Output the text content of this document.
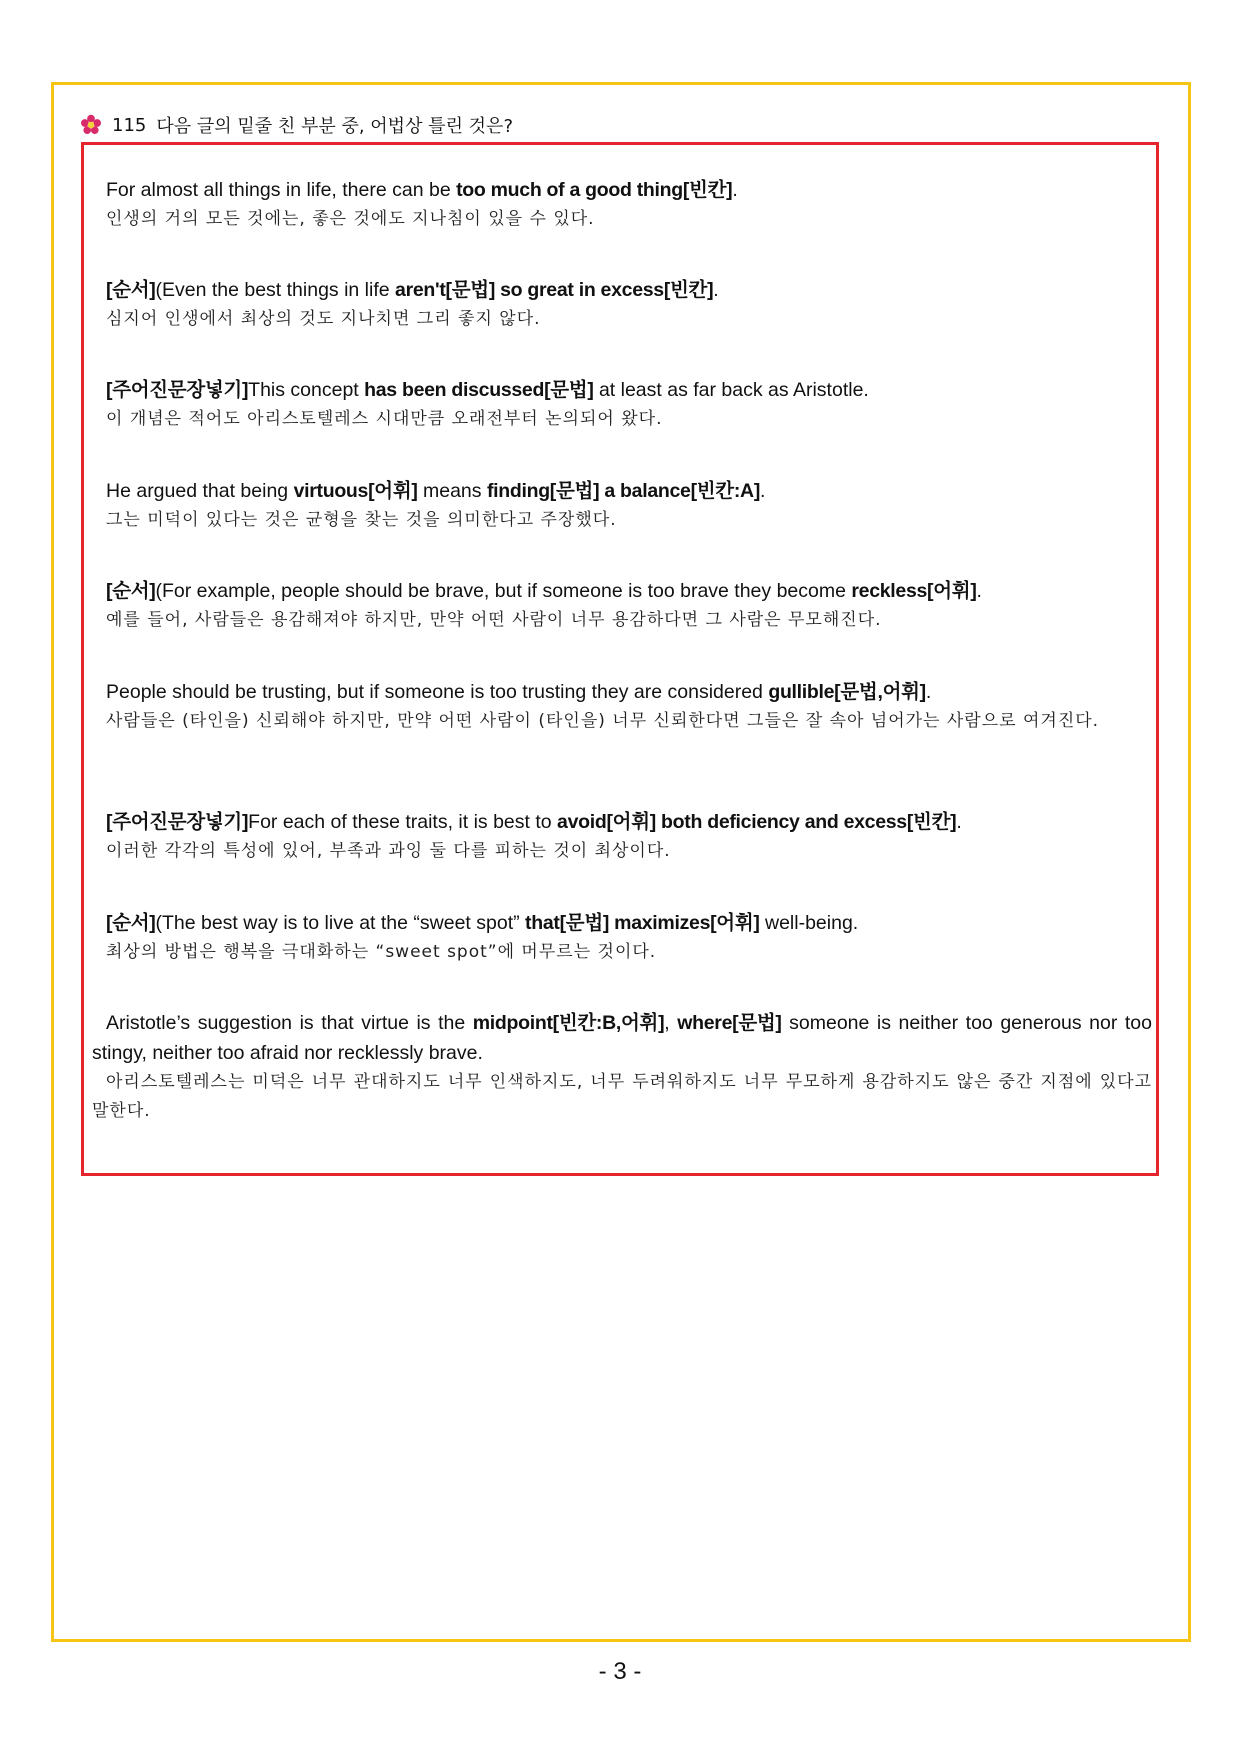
115 다음 글의 밑줄 친 부분 중, 어법상 틀린 것은?
For almost all things in life, there can be too much of a good thing[빈칸].
인생의 거의 모든 것에는, 좋은 것에도 지나침이 있을 수 있다.
[순서](Even the best things in life aren't[문법] so great in excess[빈칸].
심지어 인생에서 최상의 것도 지나치면 그리 좋지 않다.
[주어진문장넣기]This concept has been discussed[문법] at least as far back as Aristotle.
이 개념은 적어도 아리스토텔레스 시대만큼 오래전부터 논의되어 왔다.
He argued that being virtuous[어휘] means finding[문법] a balance[빈칸:A].
그는 미덕이 있다는 것은 균형을 찾는 것을 의미한다고 주장했다.
[순서](For example, people should be brave, but if someone is too brave they become reckless[어휘].
예를 들어, 사람들은 용감해져야 하지만, 만약 어떤 사람이 너무 용감하다면 그 사람은 무모해진다.
People should be trusting, but if someone is too trusting they are considered gullible[문법,어휘].
사람들은 (타인을) 신뢰해야 하지만, 만약 어떤 사람이 (타인을) 너무 신뢰한다면 그들은 잘 속아 넘어가는 사람으로 여겨진다.
[주어진문장넣기]For each of these traits, it is best to avoid[어휘] both deficiency and excess[빈칸].
이러한 각각의 특성에 있어, 부족과 과잉 둘 다를 피하는 것이 최상이다.
[순서](The best way is to live at the “sweet spot” that[문법] maximizes[어휘] well-being.
최상의 방법은 행복을 극대화하는 “sweet spot”에 머무르는 것이다.
Aristotle’s suggestion is that virtue is the midpoint[빈칸:B,어휘], where[문법] someone is neither too generous nor too stingy, neither too afraid nor recklessly brave.
아리스토텔레스는 미덕은 너무 관대하지도 너무 인색하지도, 너무 두려워하지도 너무 무모하게 용감하지도 않은 중간 지점에 있다고 말한다.
- 3 -
